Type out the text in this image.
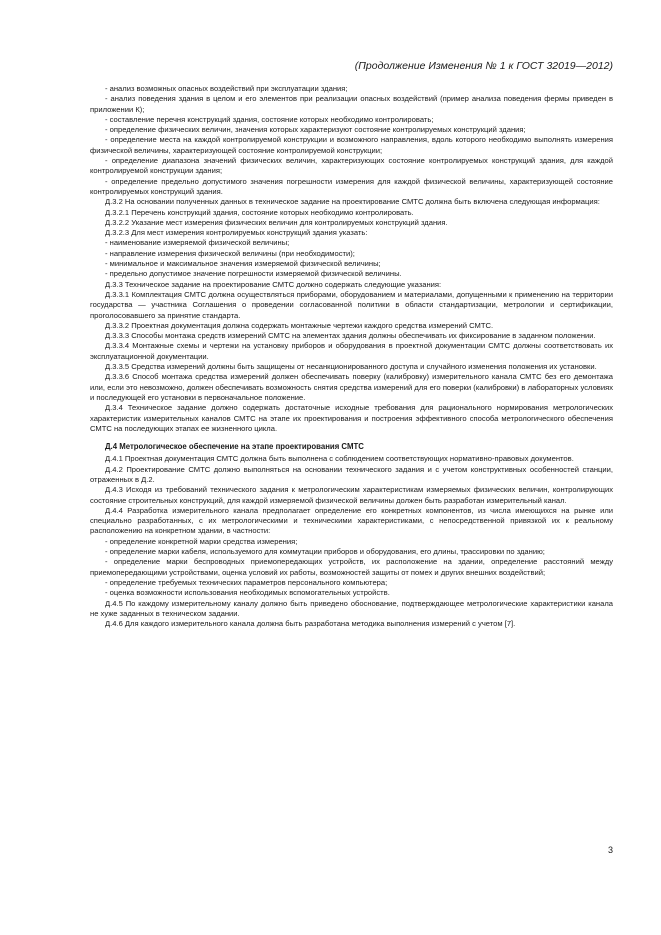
(Продолжение Изменения № 1 к ГОСТ 32019—2012)

- анализ возможных опасных воздействий при эксплуатации здания;

- анализ поведения здания в целом и его элементов при реализации опасных воздействий (пример анализа поведения фермы приведен в приложении К);

- составление перечня конструкций здания, состояние которых необходимо контролировать;

- определение физических величин, значения которых характеризуют состояние контролируемых конструкций здания;

- определение места на каждой контролируемой конструкции и возможного направления, вдоль которого необходимо выполнять измерения физической величины, характеризующей состояние контролируемой конструкции;

- определение диапазона значений физических величин, характеризующих состояние контролируемых конструкций здания, для каждой контролируемой конструкции здания;

- определение предельно допустимого значения погрешности измерения для каждой физической величины, характеризующей состояние контролируемых конструкций здания.

Д.3.2 На основании полученных данных в техническое задание на проектирование СМТС должна быть включена следующая информация:

Д.3.2.1 Перечень конструкций здания, состояние которых необходимо контролировать.

Д.3.2.2 Указание мест измерения физических величин для контролируемых конструкций здания.

Д.3.2.3 Для мест измерения контролируемых конструкций здания указать:

- наименование измеряемой физической величины;

- направление измерения физической величины (при необходимости);

- минимальное и максимальное значения измеряемой физической величины;

- предельно допустимое значение погрешности измеряемой физической величины.

Д.3.3 Техническое задание на проектирование СМТС должно содержать следующие указания:

Д.3.3.1 Комплектация СМТС должна осуществляться приборами, оборудованием и материалами, допущенными к применению на территории государства — участника Соглашения о проведении согласованной политики в области стандартизации, метрологии и сертификации, проголосовавшего за принятие стандарта.

Д.3.3.2 Проектная документация должна содержать монтажные чертежи каждого средства измерений СМТС.

Д.3.3.3 Способы монтажа средств измерений СМТС на элементах здания должны обеспечивать их фиксирование в заданном положении.

Д.3.3.4 Монтажные схемы и чертежи на установку приборов и оборудования в проектной документации СМТС должны соответствовать их эксплуатационной документации.

Д.3.3.5 Средства измерений должны быть защищены от несанкционированного доступа и случайного изменения положения их установки.

Д.3.3.6 Способ монтажа средства измерений должен обеспечивать поверку (калибровку) измерительного канала СМТС без его демонтажа или, если это невозможно, должен обеспечивать возможность снятия средства измерений для его поверки (калибровки) в лабораторных условиях и последующей его установки в первоначальное положение.

Д.3.4 Техническое задание должно содержать достаточные исходные требования для рационального нормирования метрологических характеристик измерительных каналов СМТС на этапе их проектирования и построения эффективного способа метрологического обеспечения СМТС на последующих этапах ее жизненного цикла.

Д.4 Метрологическое обеспечение на этапе проектирования СМТС

Д.4.1 Проектная документация СМТС должна быть выполнена с соблюдением соответствующих нормативно-правовых документов.

Д.4.2 Проектирование СМТС должно выполняться на основании технического задания и с учетом конструктивных особенностей станции, отраженных в Д.2.

Д.4.3 Исходя из требований технического задания к метрологическим характеристикам измеряемых физических величин, контролирующих состояние строительных конструкций, для каждой измеряемой физической величины должен быть разработан измерительный канал.

Д.4.4 Разработка измерительного канала предполагает определение его конкретных компонентов, из числа имеющихся на рынке или специально разработанных, с их метрологическими и техническими характеристиками, с непосредственной привязкой их к реальному расположению на конкретном здании, в частности:

- определение конкретной марки средства измерения;

- определение марки кабеля, используемого для коммутации приборов и оборудования, его длины, трассировки по зданию;

- определение марки беспроводных приемопередающих устройств, их расположение на здании, определение расстояний между приемопередающими устройствами, оценка условий их работы, возможностей защиты от помех и других внешних воздействий;

- определение требуемых технических параметров персонального компьютера;

- оценка возможности использования необходимых вспомогательных устройств.

Д.4.5 По каждому измерительному каналу должно быть приведено обоснование, подтверждающее метрологические характеристики канала не хуже заданных в техническом задании.

Д.4.6 Для каждого измерительного канала должна быть разработана методика выполнения измерений с учетом [7].

3
